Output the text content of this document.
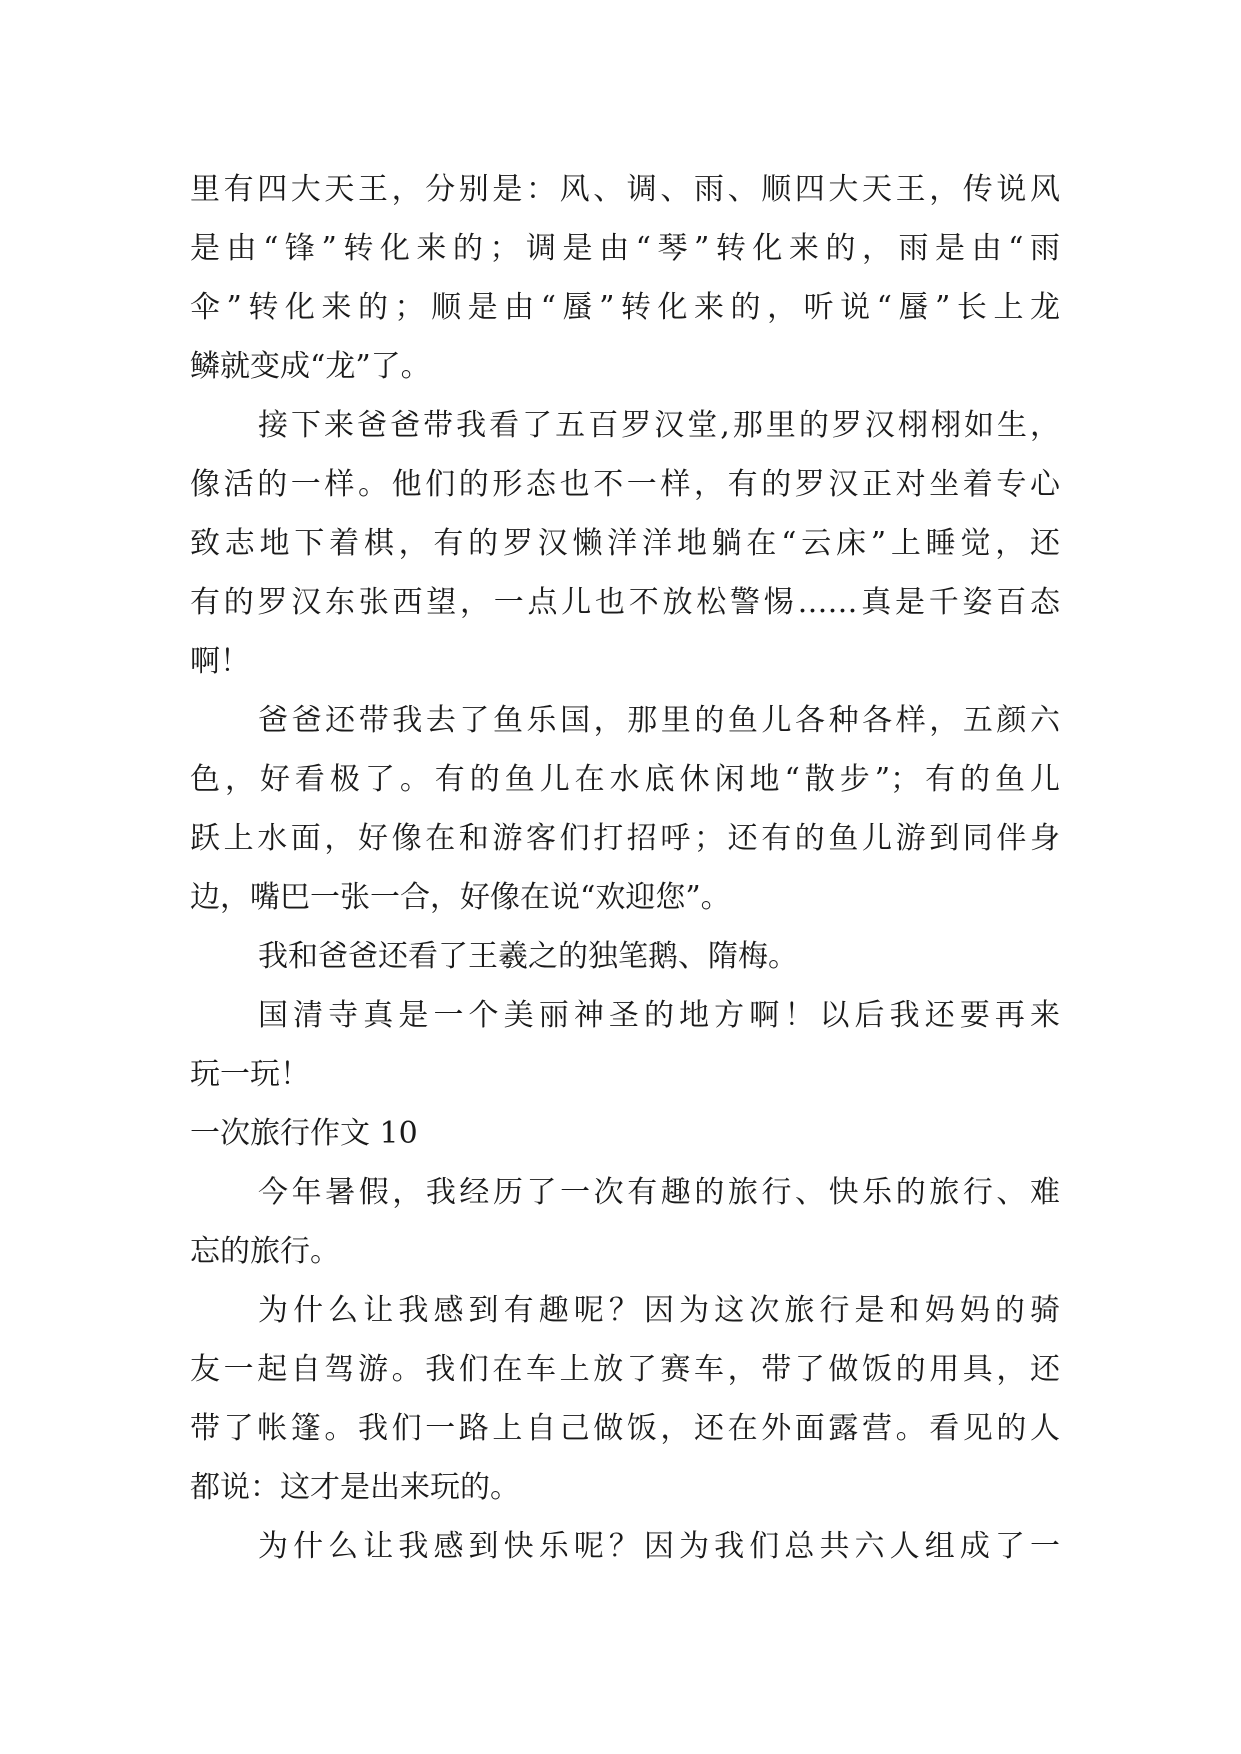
里有四大天王，分别是：风、调、雨、顺四大天王，传说风
是由“锋”转化来的；调是由“琴”转化来的，雨是由“雨
伞”转化来的；顺是由“蜃”转化来的，听说“蜃”长上龙
鳞就变成“龙”了。
接下来爸爸带我看了五百罗汉堂,那里的罗汉栩栩如生，
像活的一样。他们的形态也不一样，有的罗汉正对坐着专心
致志地下着棋，有的罗汉懒洋洋地躺在“云床”上睡觉，还
有的罗汉东张西望，一点儿也不放松警惕……真是千姿百态
啊！
爸爸还带我去了鱼乐国，那里的鱼儿各种各样，五颜六
色，好看极了。有的鱼儿在水底休闲地“散步”；有的鱼儿
跃上水面，好像在和游客们打招呼；还有的鱼儿游到同伴身
边，嘴巴一张一合，好像在说“欢迎您”。
我和爸爸还看了王羲之的独笔鹅、隋梅。
国清寺真是一个美丽神圣的地方啊！以后我还要再来
玩一玩！
一次旅行作文 10
今年暑假，我经历了一次有趣的旅行、快乐的旅行、难
忘的旅行。
为什么让我感到有趣呢？因为这次旅行是和妈妈的骑
友一起自驾游。我们在车上放了赛车，带了做饭的用具，还
带了帐篷。我们一路上自己做饭，还在外面露营。看见的人
都说：这才是出来玩的。
为什么让我感到快乐呢？因为我们总共六人组成了一
